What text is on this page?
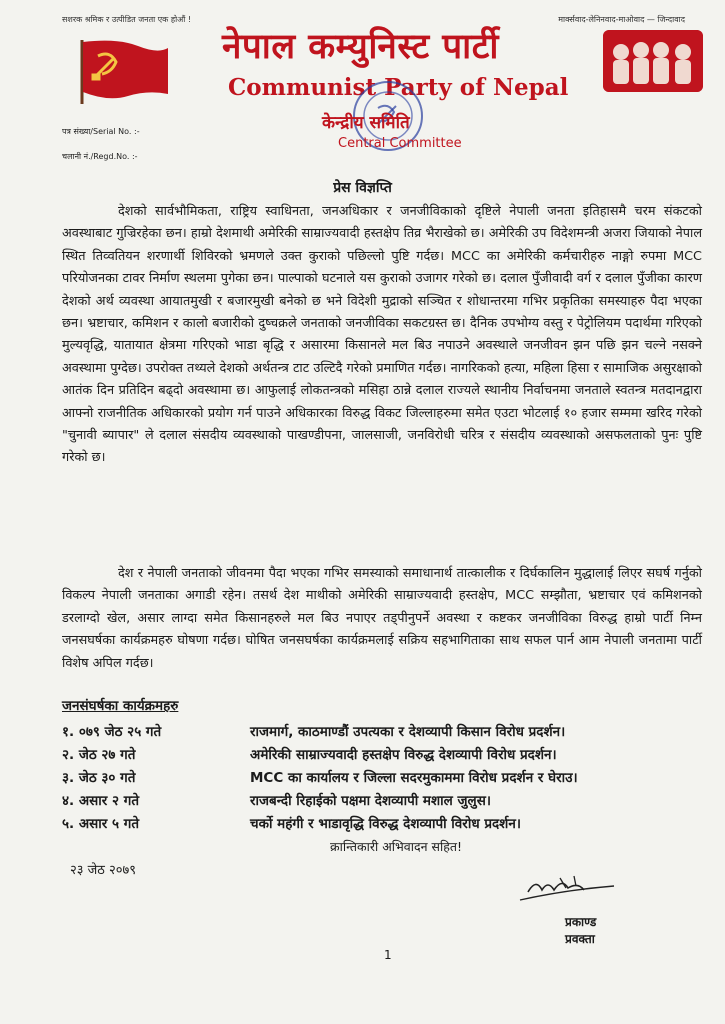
सशरक श्रमिक र उत्पीडित जनता एक होऔं !	मार्क्सवाद-लेनिनवाद-माओवाद — जिन्दावाद
नेपाल कम्युनिस्ट पार्टी
Communist Party of Nepal
केन्द्रीय समिति
Central Committee
पत्र संख्या/Serial No. :-
चलानी नं./Regd.No. :-
प्रेस विज्ञप्ति

देशको सार्वभौमिकता, राष्ट्रिय स्वाधिनता, जनअधिकार र जनजीविकाको दृष्टिले नेपाली जनता इतिहासमै चरम संकटको अवस्थाबाट गुज्रिरहेका छन। हाम्रो देशमाथी अमेरिकी साम्राज्यवादी हस्तक्षेप तिव्र भैराखेको छ। अमेरिकी उप विदेशमन्त्री अजरा जियाको नेपाल स्थित तिव्वतियन शरणार्थी शिविरको भ्रमणले उक्त कुराको पछिल्लो पुष्टि गर्दछ। MCC का अमेरिकी कर्मचारीहरु नाङ्गो रुपमा MCC परियोजनका टावर निर्माण स्थलमा पुगेका छन। पाल्पाको घटनाले यस कुराको उजागर गरेको छ। दलाल पुँजीवादी वर्ग र दलाल पुँजीका कारण देशको अर्थ व्यवस्था आयातमुखी र बजारमुखी बनेको छ भने विदेशी मुद्राको सञ्चित र शोधान्तरमा गभिर प्रकृतिका समस्याहरु पैदा भएका छन। भ्रष्टाचार, कमिशन र कालो बजारीको दुष्चक्रले जनताको जनजीविका सकटग्रस्त छ। दैनिक उपभोग्य वस्तु र पेट्रोलियम पदार्थमा गरिएको मुल्यवृद्धि, यातायात क्षेत्रमा गरिएको भाडा बृद्धि र असारमा किसानले मल बिउ नपाउने अवस्थाले जनजीवन झन पछि झन चल्ने नसक्ने अवस्थामा पुग्देछ। उपरोक्त तथ्यले देशको अर्थतन्त्र टाट उल्टिदै गरेको प्रमाणित गर्दछ। नागरिकको हत्या, महिला हिसा र सामाजिक असुरक्षाको आतंक दिन प्रतिदिन बढ्दो अवस्थामा छ। आफुलाई लोकतन्त्रको मसिहा ठान्ने दलाल राज्यले स्थानीय निर्वाचनमा जनताले स्वतन्त्र मतदानद्वारा आफ्नो राजनीतिक अधिकारको प्रयोग गर्न पाउने अधिकारका विरुद्ध विकट जिल्लाहरुमा समेत एउटा भोटलाई १० हजार सम्ममा खरिद गरेको "चुनावी ब्यापार" ले दलाल संसदीय व्यवस्थाको पाखण्डीपना, जालसाजी, जनविरोधी चरित्र र संसदीय व्यवस्थाको असफलताको पुनः पुष्टि गरेको छ।

देश र नेपाली जनताको जीवनमा पैदा भएका गभिर समस्याको समाधानार्थ तात्कालीक र दिर्घकालिन मुद्धालाई लिएर सघर्ष गर्नुको विकल्प नेपाली जनताका अगाडी रहेन। तसर्थ देश माथीको अमेरिकी साम्राज्यवादी हस्तक्षेप, MCC सम्झौता, भ्रष्टाचार एवं कमिशनको डरलाग्दो खेल, असार लाग्दा समेत किसानहरुले मल बिउ नपाएर तड्पीनुपर्ने अवस्था र कष्टकर जनजीविका विरुद्ध हाम्रो पार्टी निम्न जनसघर्षका कार्यक्रमहरु घोषणा गर्दछ। घोषित जनसघर्षका कार्यक्रमलाई सक्रिय सहभागिताका साथ सफल पार्न आम नेपाली जनतामा पार्टी विशेष अपिल गर्दछ।

जनसंघर्षका कार्यक्रमहरु
१. ०७९ जेठ २५ गते	राजमार्ग, काठमाण्डौं उपत्यका र देशव्यापी किसान विरोध प्रदर्शन।
२. जेठ २७ गते	अमेरिकी साम्राज्यवादी हस्तक्षेप विरुद्ध देशव्यापी विरोध प्रदर्शन।
३. जेठ ३० गते	MCC का कार्यालय र जिल्ला सदरमुकाममा विरोध प्रदर्शन र घेराउ।
४. असार २ गते	राजबन्दी रिहाईको पक्षमा देशव्यापी मशाल जुलुस।
५. असार ५ गते	चर्को महंगी र भाडावृद्धि विरुद्ध देशव्यापी विरोध प्रदर्शन।
क्रान्तिकारी अभिवादन सहित!
२३ जेठ २०७९
प्रकाण्ड
प्रवक्ता
1
